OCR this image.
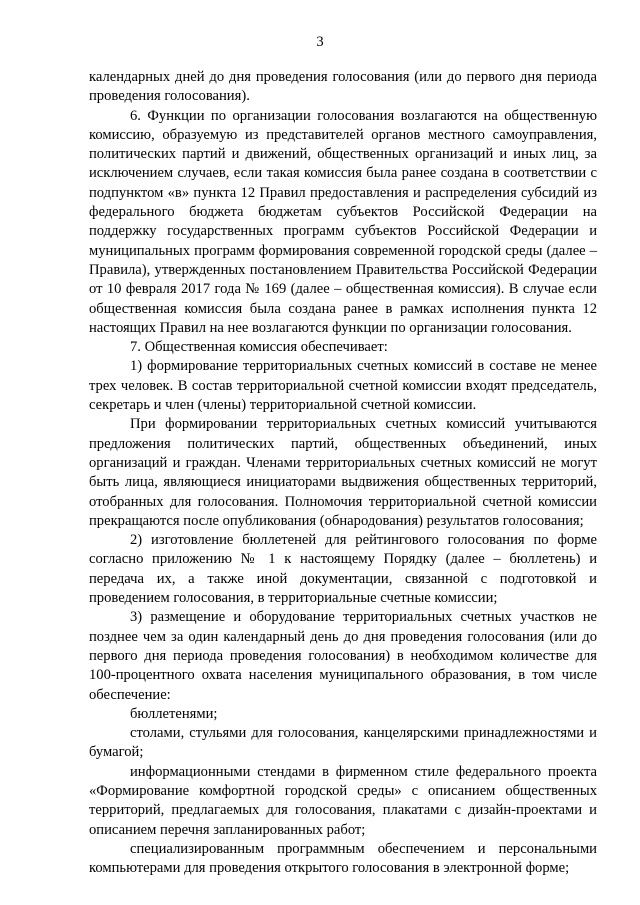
3

календарных дней до дня проведения голосования (или до первого дня периода проведения голосования).

6. Функции по организации голосования возлагаются на общественную комиссию, образуемую из представителей органов местного самоуправления, политических партий и движений, общественных организаций и иных лиц, за исключением случаев, если такая комиссия была ранее создана в соответствии с подпунктом «в» пункта 12 Правил предоставления и распределения субсидий из федерального бюджета бюджетам субъектов Российской Федерации на поддержку государственных программ субъектов Российской Федерации и муниципальных программ формирования современной городской среды (далее – Правила), утвержденных постановлением Правительства Российской Федерации от 10 февраля 2017 года № 169 (далее – общественная комиссия). В случае если общественная комиссия была создана ранее в рамках исполнения пункта 12 настоящих Правил на нее возлагаются функции по организации голосования.

7. Общественная комиссия обеспечивает:

1) формирование территориальных счетных комиссий в составе не менее трех человек. В состав территориальной счетной комиссии входят председатель, секретарь и член (члены) территориальной счетной комиссии.

При формировании территориальных счетных комиссий учитываются предложения политических партий, общественных объединений, иных организаций и граждан. Членами территориальных счетных комиссий не могут быть лица, являющиеся инициаторами выдвижения общественных территорий, отобранных для голосования. Полномочия территориальной счетной комиссии прекращаются после опубликования (обнародования) результатов голосования;

2) изготовление бюллетеней для рейтингового голосования по форме согласно приложению № 1 к настоящему Порядку (далее – бюллетень) и передача их, а также иной документации, связанной с подготовкой и проведением голосования, в территориальные счетные комиссии;

3) размещение и оборудование территориальных счетных участков не позднее чем за один календарный день до дня проведения голосования (или до первого дня периода проведения голосования) в необходимом количестве для 100-процентного охвата населения муниципального образования, в том числе обеспечение:

бюллетенями;

столами, стульями для голосования, канцелярскими принадлежностями и бумагой;

информационными стендами в фирменном стиле федерального проекта «Формирование комфортной городской среды» с описанием общественных территорий, предлагаемых для голосования, плакатами с дизайн-проектами и описанием перечня запланированных работ;

специализированным программным обеспечением и персональными компьютерами для проведения открытого голосования в электронной форме;
